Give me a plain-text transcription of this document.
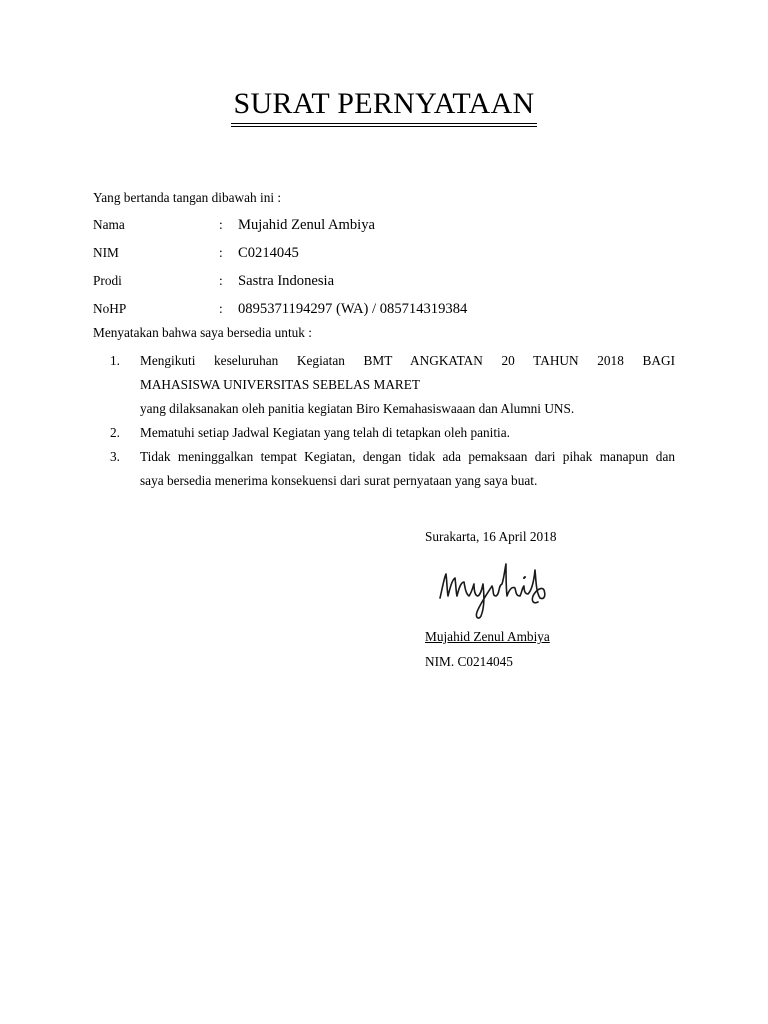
SURAT PERNYATAAN
Yang bertanda tangan dibawah ini :
Nama	:	Mujahid Zenul Ambiya
NIM	:	C0214045
Prodi	:	Sastra Indonesia
NoHP	:	0895371194297 (WA) / 085714319384
Menyatakan bahwa saya bersedia untuk :
1.	Mengikuti keseluruhan Kegiatan BMT ANGKATAN 20 TAHUN 2018 BAGI
MAHASISWA UNIVERSITAS SEBELAS MARET
yang dilaksanakan oleh panitia kegiatan Biro Kemahasiswaaan dan Alumni UNS.
2.	Mematuhi setiap Jadwal Kegiatan yang telah di tetapkan oleh panitia.
3.	Tidak meninggalkan tempat Kegiatan, dengan tidak ada pemaksaan dari pihak manapun dan
saya bersedia menerima konsekuensi dari surat pernyataan yang saya buat.
Surakarta, 16 April 2018
Mujahid Zenul Ambiya
NIM. C0214045
